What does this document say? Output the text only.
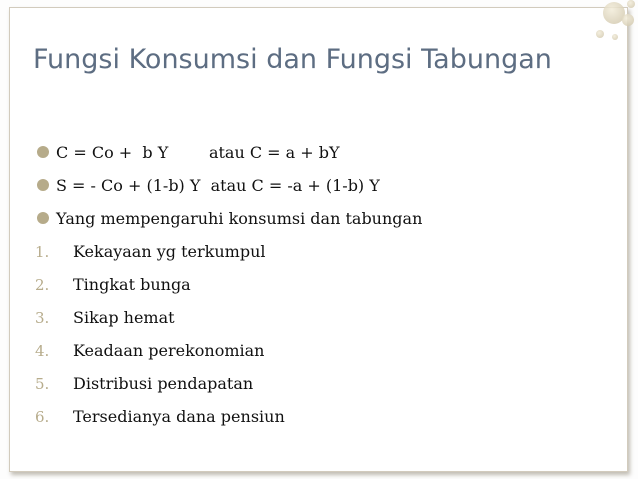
Fungsi Konsumsi dan Fungsi Tabungan
C = Co +  b Y        atau C = a + bY
S = - Co + (1-b) Y  atau C = -a + (1-b) Y
Yang mempengaruhi konsumsi dan tabungan
1. Kekayaan yg terkumpul
2. Tingkat bunga
3. Sikap hemat
4. Keadaan perekonomian
5. Distribusi pendapatan
6. Tersedianya dana pensiun
